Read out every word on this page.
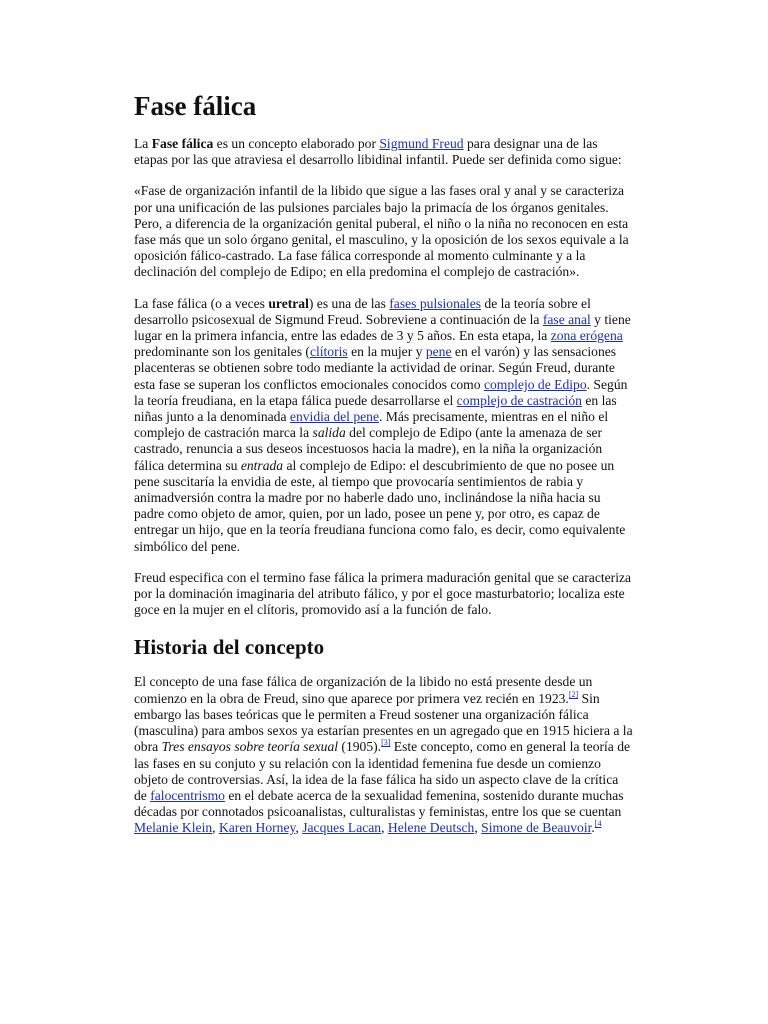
Fase fálica

La Fase fálica es un concepto elaborado por Sigmund Freud para designar una de las etapas por las que atraviesa el desarrollo libidinal infantil. Puede ser definida como sigue:

«Fase de organización infantil de la libido que sigue a las fases oral y anal y se caracteriza por una unificación de las pulsiones parciales bajo la primacía de los órganos genitales. Pero, a diferencia de la organización genital puberal, el niño o la niña no reconocen en esta fase más que un solo órgano genital, el masculino, y la oposición de los sexos equivale a la oposición fálico-castrado. La fase fálica corresponde al momento culminante y a la declinación del complejo de Edipo; en ella predomina el complejo de castración».

La fase fálica (o a veces uretral) es una de las fases pulsionales de la teoría sobre el desarrollo psicosexual de Sigmund Freud. Sobreviene a continuación de la fase anal y tiene lugar en la primera infancia, entre las edades de 3 y 5 años. En esta etapa, la zona erógena predominante son los genitales (clítoris en la mujer y pene en el varón) y las sensaciones placenteras se obtienen sobre todo mediante la actividad de orinar. Según Freud, durante esta fase se superan los conflictos emocionales conocidos como complejo de Edipo. Según la teoría freudiana, en la etapa fálica puede desarrollarse el complejo de castración en las niñas junto a la denominada envidia del pene. Más precisamente, mientras en el niño el complejo de castración marca la salida del complejo de Edipo (ante la amenaza de ser castrado, renuncia a sus deseos incestuosos hacia la madre), en la niña la organización fálica determina su entrada al complejo de Edipo: el descubrimiento de que no posee un pene suscitaría la envidia de este, al tiempo que provocaría sentimientos de rabia y animadversión contra la madre por no haberle dado uno, inclinándose la niña hacia su padre como objeto de amor, quien, por un lado, posee un pene y, por otro, es capaz de entregar un hijo, que en la teoría freudiana funciona como falo, es decir, como equivalente simbólico del pene.

Freud especifica con el termino fase fálica la primera maduración genital que se caracteriza por la dominación imaginaria del atributo fálico, y por el goce masturbatorio; localiza este goce en la mujer en el clítoris, promovido así a la función de falo.

Historia del concepto

El concepto de una fase fálica de organización de la libido no está presente desde un comienzo en la obra de Freud, sino que aparece por primera vez recién en 1923.[2] Sin embargo las bases teóricas que le permiten a Freud sostener una organización fálica (masculina) para ambos sexos ya estarían presentes en un agregado que en 1915 hiciera a la obra Tres ensayos sobre teoría sexual (1905).[3] Este concepto, como en general la teoría de las fases en su conjuto y su relación con la identidad femenina fue desde un comienzo objeto de controversias. Así, la idea de la fase fálica ha sido un aspecto clave de la crítica de falocentrismo en el debate acerca de la sexualidad femenina, sostenido durante muchas décadas por connotados psicoanalistas, culturalistas y feministas, entre los que se cuentan Melanie Klein, Karen Horney, Jacques Lacan, Helene Deutsch, Simone de Beauvoir.$^{[4}$
